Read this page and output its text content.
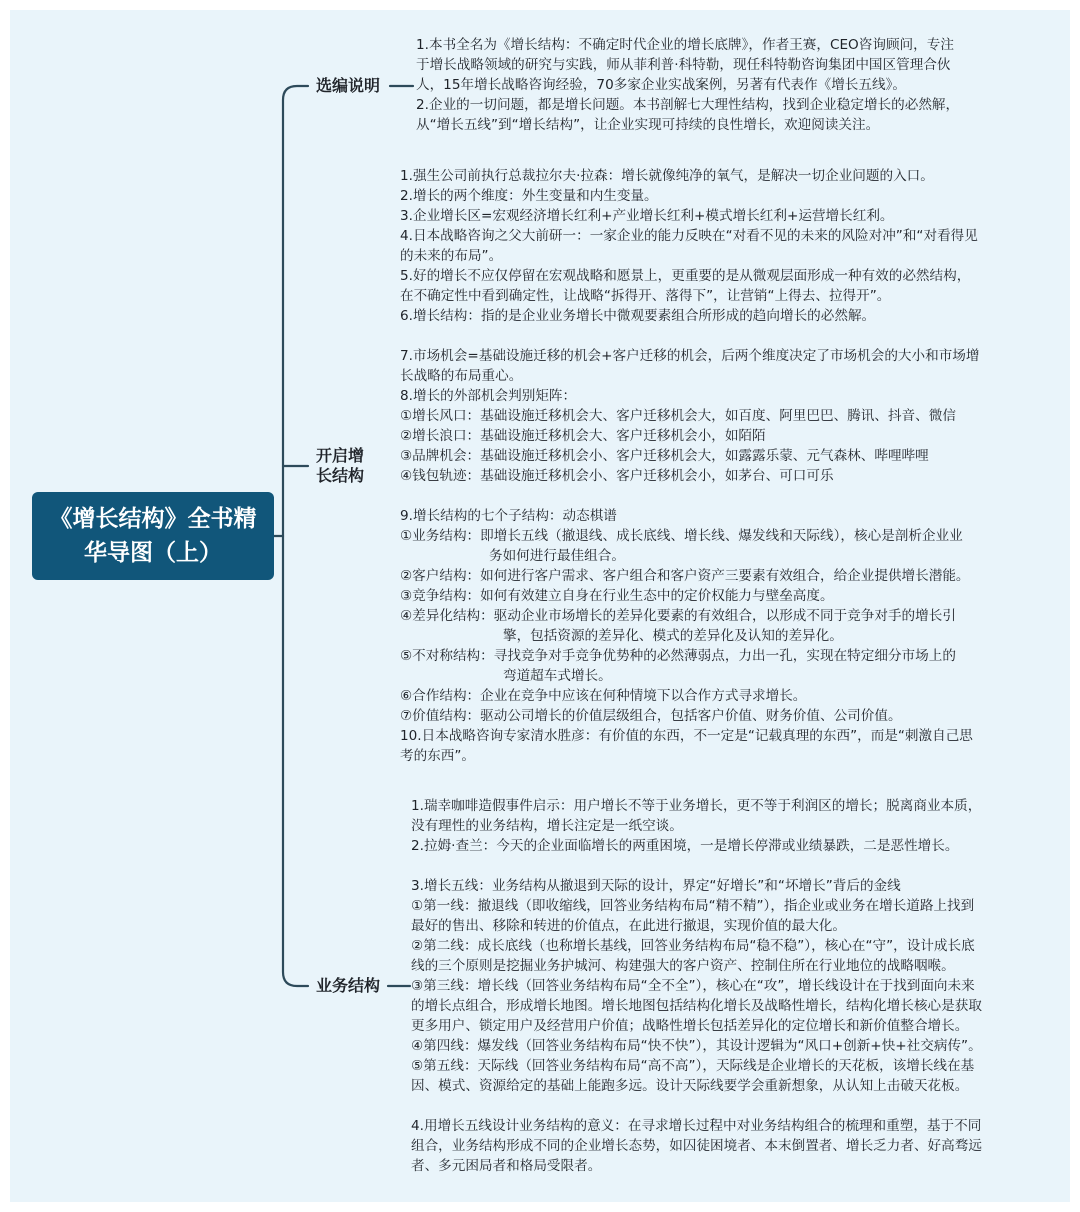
《增长结构》全书精华导图（上）
选编说明
开启增长结构
业务结构
1.本书全名为《增长结构：不确定时代企业的增长底牌》，作者王赛，CEO咨询顾问，专注
于增长战略领域的研究与实践，师从菲利普·科特勒，现任科特勒咨询集团中国区管理合伙
人，15年增长战略咨询经验，70多家企业实战案例，另著有代表作《增长五线》。
2.企业的一切问题，都是增长问题。本书剖解七大理性结构，找到企业稳定增长的必然解，
从“增长五线”到“增长结构”，让企业实现可持续的良性增长，欢迎阅读关注。
1.强生公司前执行总裁拉尔夫·拉森：增长就像纯净的氧气，是解决一切企业问题的入口。
2.增长的两个维度：外生变量和内生变量。
3.企业增长区=宏观经济增长红利+产业增长红利+模式增长红利+运营增长红利。
4.日本战略咨询之父大前研一：一家企业的能力反映在“对看不见的未来的风险对冲”和“对看得见
的未来的布局”。
5.好的增长不应仅停留在宏观战略和愿景上，更重要的是从微观层面形成一种有效的必然结构，
在不确定性中看到确定性，让战略“拆得开、落得下”，让营销“上得去、拉得开”。
6.增长结构：指的是企业业务增长中微观要素组合所形成的趋向增长的必然解。
7.市场机会=基础设施迁移的机会+客户迁移的机会，后两个维度决定了市场机会的大小和市场增
长战略的布局重心。
8.增长的外部机会判别矩阵：
①增长风口：基础设施迁移机会大、客户迁移机会大，如百度、阿里巴巴、腾讯、抖音、微信
②增长浪口：基础设施迁移机会大、客户迁移机会小，如陌陌
③品牌机会：基础设施迁移机会小、客户迁移机会大，如露露乐蒙、元气森林、哔哩哔哩
④钱包轨迹：基础设施迁移机会小、客户迁移机会小，如茅台、可口可乐
9.增长结构的七个子结构：动态棋谱
①业务结构：即增长五线（撤退线、成长底线、增长线、爆发线和天际线），核心是剖析企业业
务如何进行最佳组合。
②客户结构：如何进行客户需求、客户组合和客户资产三要素有效组合，给企业提供增长潜能。
③竞争结构：如何有效建立自身在行业生态中的定价权能力与壁垒高度。
④差异化结构：驱动企业市场增长的差异化要素的有效组合，以形成不同于竞争对手的增长引
擎，包括资源的差异化、模式的差异化及认知的差异化。
⑤不对称结构：寻找竞争对手竞争优势种的必然薄弱点，力出一孔，实现在特定细分市场上的
弯道超车式增长。
⑥合作结构：企业在竞争中应该在何种情境下以合作方式寻求增长。
⑦价值结构：驱动公司增长的价值层级组合，包括客户价值、财务价值、公司价值。
10.日本战略咨询专家清水胜彦：有价值的东西，不一定是“记载真理的东西”，而是“刺激自己思
考的东西”。
1.瑞幸咖啡造假事件启示：用户增长不等于业务增长，更不等于利润区的增长；脱离商业本质，
没有理性的业务结构，增长注定是一纸空谈。
2.拉姆·查兰：今天的企业面临增长的两重困境，一是增长停滞或业绩暴跌，二是恶性增长。
3.增长五线：业务结构从撤退到天际的设计，界定“好增长”和“坏增长”背后的金线
①第一线：撤退线（即收缩线，回答业务结构布局“精不精”），指企业或业务在增长道路上找到
最好的售出、移除和转进的价值点，在此进行撤退，实现价值的最大化。
②第二线：成长底线（也称增长基线，回答业务结构布局“稳不稳”），核心在“守”，设计成长底
线的三个原则是挖掘业务护城河、构建强大的客户资产、控制住所在行业地位的战略咽喉。
③第三线：增长线（回答业务结构布局“全不全”），核心在“攻”，增长线设计在于找到面向未来
的增长点组合，形成增长地图。增长地图包括结构化增长及战略性增长，结构化增长核心是获取
更多用户、锁定用户及经营用户价值；战略性增长包括差异化的定位增长和新价值整合增长。
④第四线：爆发线（回答业务结构布局“快不快”），其设计逻辑为“风口+创新+快+社交病传”。
⑤第五线：天际线（回答业务结构布局“高不高”），天际线是企业增长的天花板，该增长线在基
因、模式、资源给定的基础上能跑多远。设计天际线要学会重新想象，从认知上击破天花板。
4.用增长五线设计业务结构的意义：在寻求增长过程中对业务结构组合的梳理和重塑，基于不同
组合，业务结构形成不同的企业增长态势，如囚徒困境者、本末倒置者、增长乏力者、好高骛远
者、多元困局者和格局受限者。
